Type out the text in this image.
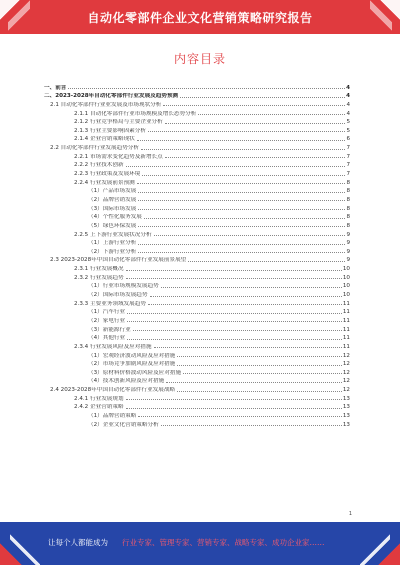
自动化零部件企业文化营销策略研究报告
内容目录
一、前言	4
二、2023-2028年自动化零部件行业发展及趋势预测	4
2.1 自动化零部件行业业发展及市场现状分析	4
2.1.1 自动化零部件行业市场规模及增长态势分析	4
2.1.2 行业竞争格局与主要企业分析	5
2.1.3 行业主要影响因素分析	5
2.1.4 企业营销策略现状	6
2.2 自动化零部件行业发展趋势分析	7
2.2.1 市场需求变化趋势及新增长点	7
2.2.2 行业技术创新	7
2.2.3 行业政策及发展环境	7
2.2.4 行业发展前景预测	8
（1）产品市场发展	8
（2）品牌营销发展	8
（3）国际市场发展	8
（4）个性化服务发展	8
（5）绿色环保发展	8
2.2.5 上下游行业发展状况分析	9
（1）上游行业分析	9
（2）下游行业分析	9
2.3 2023-2028年中国自动化零部件行业发展前景展望	9
2.3.1 行业发展概况	10
2.3.2 行业发展趋势	10
（1）行业市场规模发展趋势	10
（2）国际市场发展趋势	10
2.3.3 主要业务领域发展趋势	11
（1）汽车行业	11
（2）家电行业	11
（3）新能源行业	11
（4）其他行业	11
2.3.4 行业发展风险及应对措施	11
（1）宏观经济波动风险及应对措施	12
（2）市场竞争加剧风险及应对措施	12
（3）原材料价格波动风险及应对措施	12
（4）技术创新风险及应对措施	12
2.4 2023-2028年中国自动化零部件行业发展战略	12
2.4.1 行业发展规划	13
2.4.2 企业营销策略	13
（1）品牌营销策略	13
（2）企业文化营销策略分析	13
1
让每个人都能成为 行业专家、管理专家、营销专家、战略专家、成功企业家……
